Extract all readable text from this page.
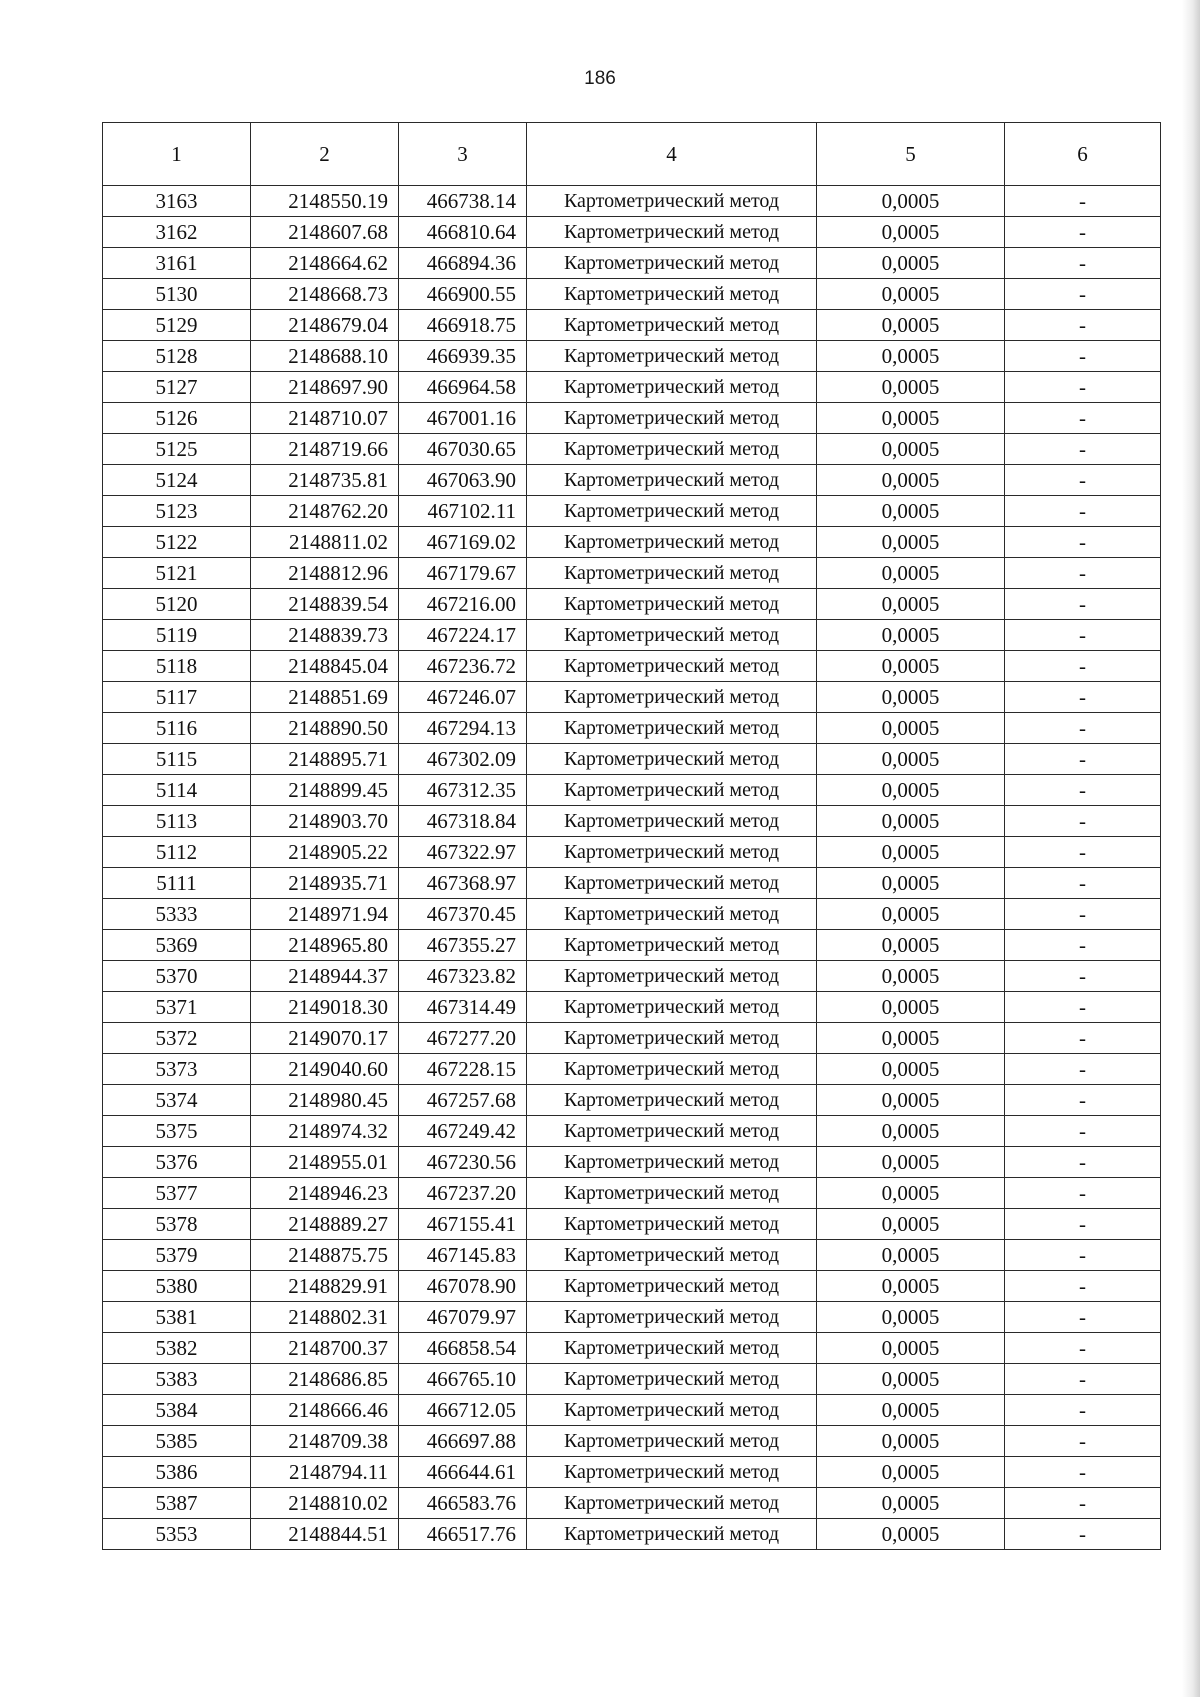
186
1	2	3	4	5	6
3163	2148550.19	466738.14	Картометрический метод	0,0005	-
3162	2148607.68	466810.64	Картометрический метод	0,0005	-
3161	2148664.62	466894.36	Картометрический метод	0,0005	-
5130	2148668.73	466900.55	Картометрический метод	0,0005	-
5129	2148679.04	466918.75	Картометрический метод	0,0005	-
5128	2148688.10	466939.35	Картометрический метод	0,0005	-
5127	2148697.90	466964.58	Картометрический метод	0,0005	-
5126	2148710.07	467001.16	Картометрический метод	0,0005	-
5125	2148719.66	467030.65	Картометрический метод	0,0005	-
5124	2148735.81	467063.90	Картометрический метод	0,0005	-
5123	2148762.20	467102.11	Картометрический метод	0,0005	-
5122	2148811.02	467169.02	Картометрический метод	0,0005	-
5121	2148812.96	467179.67	Картометрический метод	0,0005	-
5120	2148839.54	467216.00	Картометрический метод	0,0005	-
5119	2148839.73	467224.17	Картометрический метод	0,0005	-
5118	2148845.04	467236.72	Картометрический метод	0,0005	-
5117	2148851.69	467246.07	Картометрический метод	0,0005	-
5116	2148890.50	467294.13	Картометрический метод	0,0005	-
5115	2148895.71	467302.09	Картометрический метод	0,0005	-
5114	2148899.45	467312.35	Картометрический метод	0,0005	-
5113	2148903.70	467318.84	Картометрический метод	0,0005	-
5112	2148905.22	467322.97	Картометрический метод	0,0005	-
5111	2148935.71	467368.97	Картометрический метод	0,0005	-
5333	2148971.94	467370.45	Картометрический метод	0,0005	-
5369	2148965.80	467355.27	Картометрический метод	0,0005	-
5370	2148944.37	467323.82	Картометрический метод	0,0005	-
5371	2149018.30	467314.49	Картометрический метод	0,0005	-
5372	2149070.17	467277.20	Картометрический метод	0,0005	-
5373	2149040.60	467228.15	Картометрический метод	0,0005	-
5374	2148980.45	467257.68	Картометрический метод	0,0005	-
5375	2148974.32	467249.42	Картометрический метод	0,0005	-
5376	2148955.01	467230.56	Картометрический метод	0,0005	-
5377	2148946.23	467237.20	Картометрический метод	0,0005	-
5378	2148889.27	467155.41	Картометрический метод	0,0005	-
5379	2148875.75	467145.83	Картометрический метод	0,0005	-
5380	2148829.91	467078.90	Картометрический метод	0,0005	-
5381	2148802.31	467079.97	Картометрический метод	0,0005	-
5382	2148700.37	466858.54	Картометрический метод	0,0005	-
5383	2148686.85	466765.10	Картометрический метод	0,0005	-
5384	2148666.46	466712.05	Картометрический метод	0,0005	-
5385	2148709.38	466697.88	Картометрический метод	0,0005	-
5386	2148794.11	466644.61	Картометрический метод	0,0005	-
5387	2148810.02	466583.76	Картометрический метод	0,0005	-
5353	2148844.51	466517.76	Картометрический метод	0,0005	-
